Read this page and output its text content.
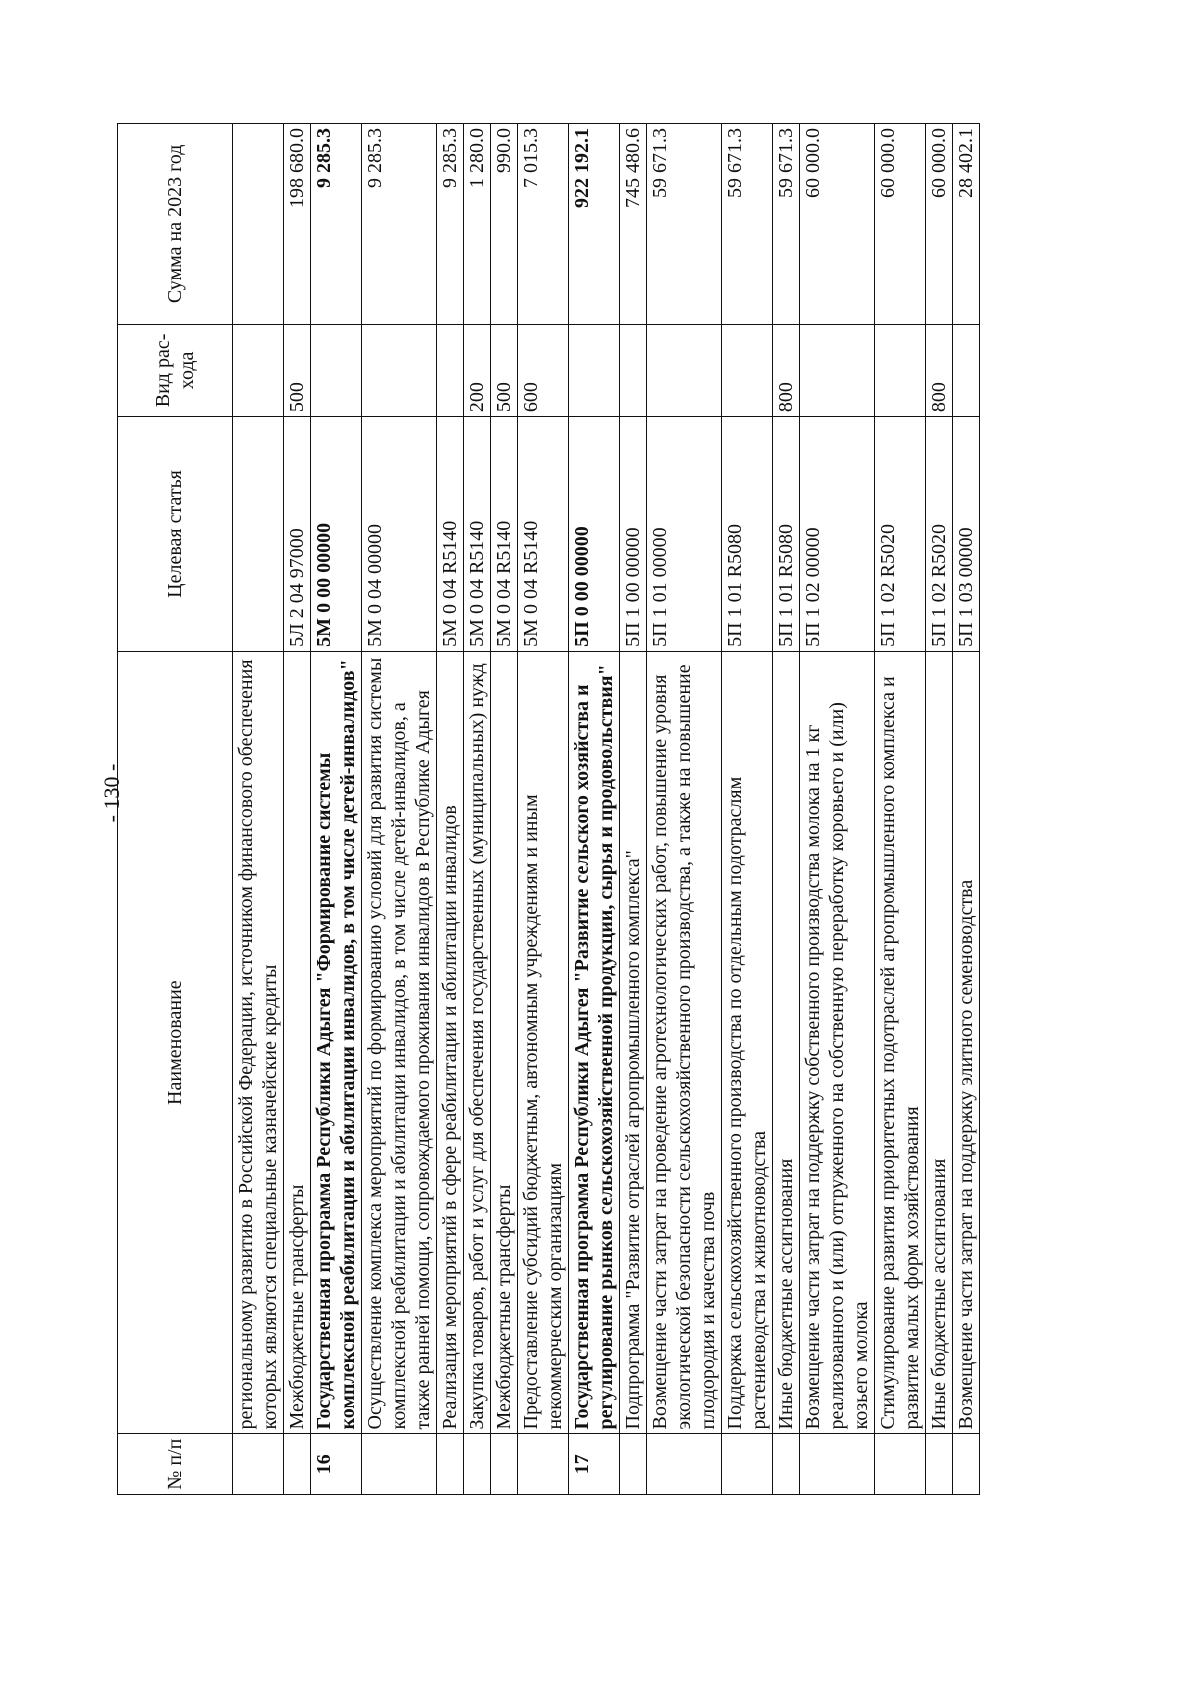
- 130 -
№ п/п	Наименование	Целевая статья	Вид рас-хода	Сумма на 2023 год
	региональному развитию в Российской Федерации, источником финансового обеспечения которых являются специальные казначейские кредиты			
	Межбюджетные трансферты	5Л 2 04 97000	500	198 680.0
16	Государственная программа Республики Адыгея "Формирование системы комплексной реабилитации и абилитации инвалидов, в том числе детей-инвалидов"	5М 0 00 00000		9 285.3
	Осуществление комплекса мероприятий по формированию условий для развития системы комплексной реабилитации и абилитации инвалидов, в том числе детей-инвалидов, а также ранней помощи, сопровождаемого проживания инвалидов в Республике Адыгея	5М 0 04 00000		9 285.3
	Реализация мероприятий в сфере реабилитации и абилитации инвалидов	5М 0 04 R5140		9 285.3
	Закупка товаров, работ и услуг для обеспечения государственных (муниципальных) нужд	5М 0 04 R5140	200	1 280.0
	Межбюджетные трансферты	5М 0 04 R5140	500	990.0
	Предоставление субсидий бюджетным, автономным учреждениям и иным некоммерческим организациям	5М 0 04 R5140	600	7 015.3
17	Государственная программа Республики Адыгея "Развитие сельского хозяйства и регулирование рынков сельскохозяйственной продукции, сырья и продовольствия"	5П 0 00 00000		922 192.1
	Подпрограмма "Развитие отраслей агропромышленного комплекса"	5П 1 00 00000		745 480.6
	Возмещение части затрат на проведение агротехнологических работ, повышение уровня экологической безопасности сельскохозяйственного производства, а также на повышение плодородия и качества почв	5П 1 01 00000		59 671.3
	Поддержка сельскохозяйственного производства по отдельным подотраслям растениеводства и животноводства	5П 1 01 R5080		59 671.3
	Иные бюджетные ассигнования	5П 1 01 R5080	800	59 671.3
	Возмещение части затрат на поддержку собственного производства молока на 1 кг реализованного и (или) отгруженного на собственную переработку коровьего и (или) козьего молока	5П 1 02 00000		60 000.0
	Стимулирование развития приоритетных подотраслей агропромышленного комплекса и развитие малых форм хозяйствования	5П 1 02 R5020		60 000.0
	Иные бюджетные ассигнования	5П 1 02 R5020	800	60 000.0
	Возмещение части затрат на поддержку элитного семеноводства	5П 1 03 00000		28 402.1
